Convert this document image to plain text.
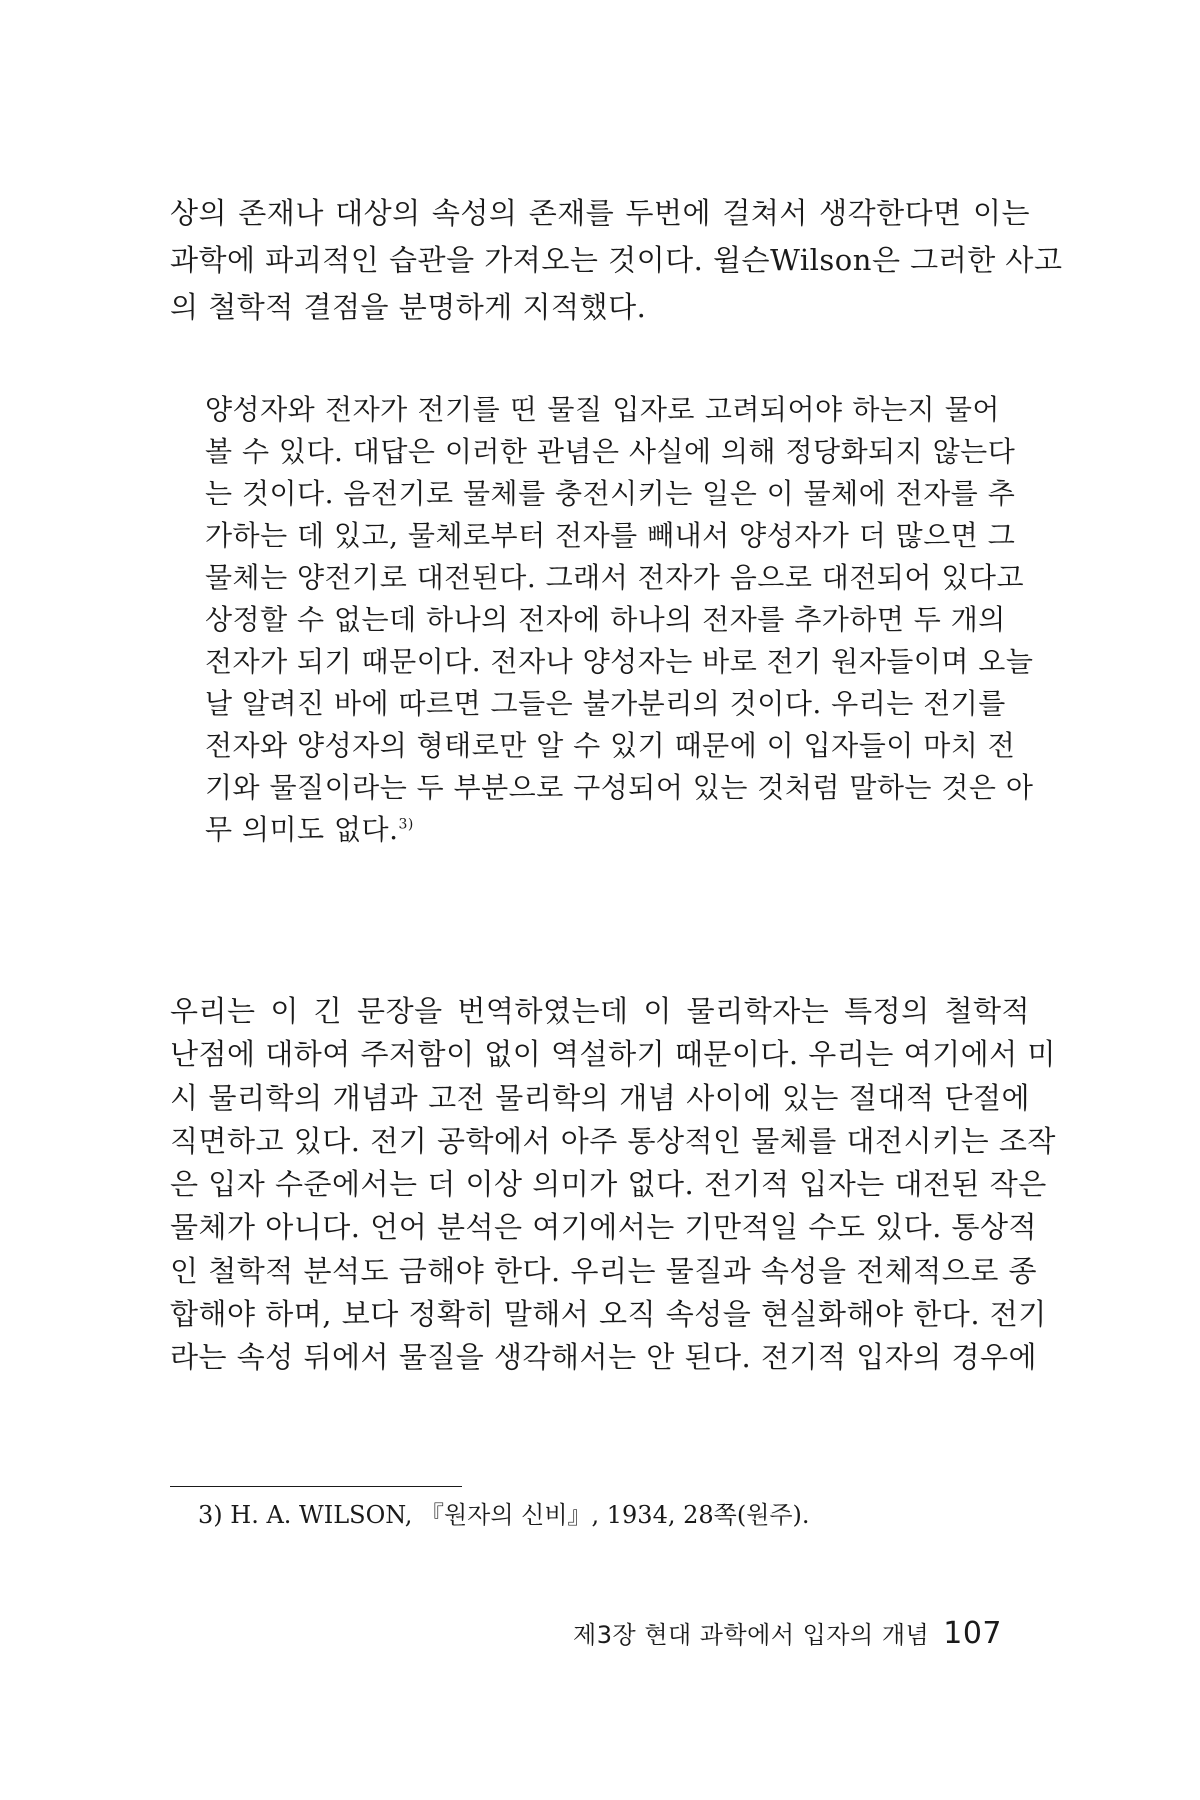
상의 존재나 대상의 속성의 존재를 두번에 걸쳐서 생각한다면 이는
과학에 파괴적인 습관을 가져오는 것이다. 윌슨Wilson은 그러한 사고
의 철학적 결점을 분명하게 지적했다.
양성자와 전자가 전기를 띤 물질 입자로 고려되어야 하는지 물어
볼 수 있다. 대답은 이러한 관념은 사실에 의해 정당화되지 않는다
는 것이다. 음전기로 물체를 충전시키는 일은 이 물체에 전자를 추
가하는 데 있고, 물체로부터 전자를 빼내서 양성자가 더 많으면 그
물체는 양전기로 대전된다. 그래서 전자가 음으로 대전되어 있다고
상정할 수 없는데 하나의 전자에 하나의 전자를 추가하면 두 개의
전자가 되기 때문이다. 전자나 양성자는 바로 전기 원자들이며 오늘
날 알려진 바에 따르면 그들은 불가분리의 것이다. 우리는 전기를
전자와 양성자의 형태로만 알 수 있기 때문에 이 입자들이 마치 전
기와 물질이라는 두 부분으로 구성되어 있는 것처럼 말하는 것은 아
무 의미도 없다.$^{3)}$
우리는 이 긴 문장을 번역하였는데 이 물리학자는 특정의 철학적
난점에 대하여 주저함이 없이 역설하기 때문이다. 우리는 여기에서 미
시 물리학의 개념과 고전 물리학의 개념 사이에 있는 절대적 단절에
직면하고 있다. 전기 공학에서 아주 통상적인 물체를 대전시키는 조작
은 입자 수준에서는 더 이상 의미가 없다. 전기적 입자는 대전된 작은
물체가 아니다. 언어 분석은 여기에서는 기만적일 수도 있다. 통상적
인 철학적 분석도 금해야 한다. 우리는 물질과 속성을 전체적으로 종
합해야 하며, 보다 정확히 말해서 오직 속성을 현실화해야 한다. 전기
라는 속성 뒤에서 물질을 생각해서는 안 된다. 전기적 입자의 경우에
3) H. A. WILSON, 『원자의 신비』, 1934, 28쪽(원주).
제3장 현대 과학에서 입자의 개념 107
